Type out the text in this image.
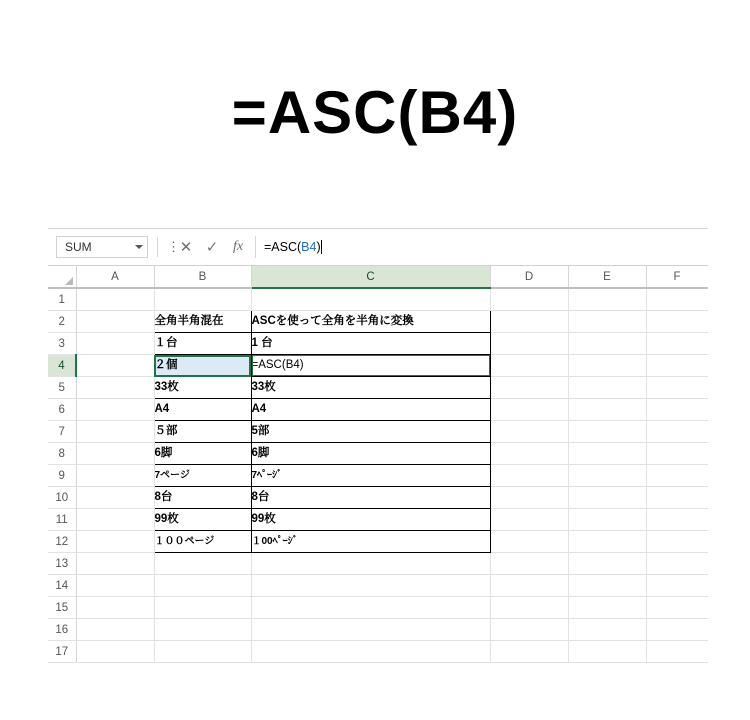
=ASC(B4)
SUM	⋮
✕ ✓	fx	=ASC( B4 )
	A	B	C	D	E	F
1						
2		全角半角混在	ASCを使って全角を半角に変換			
3		１台	1 台			
4		２個	=ASC(B4)

5		33枚	33枚			
6		A4	A4			
7		５部	5部			
8		6脚	6脚			
9		7ページ	7ﾍﾟｰｼﾞ			
10		8台	8台			
11		99枚	99枚			
12		１００ページ	１00ﾍﾟｰｼﾞ			
13						
14						
15						
16						
17						
